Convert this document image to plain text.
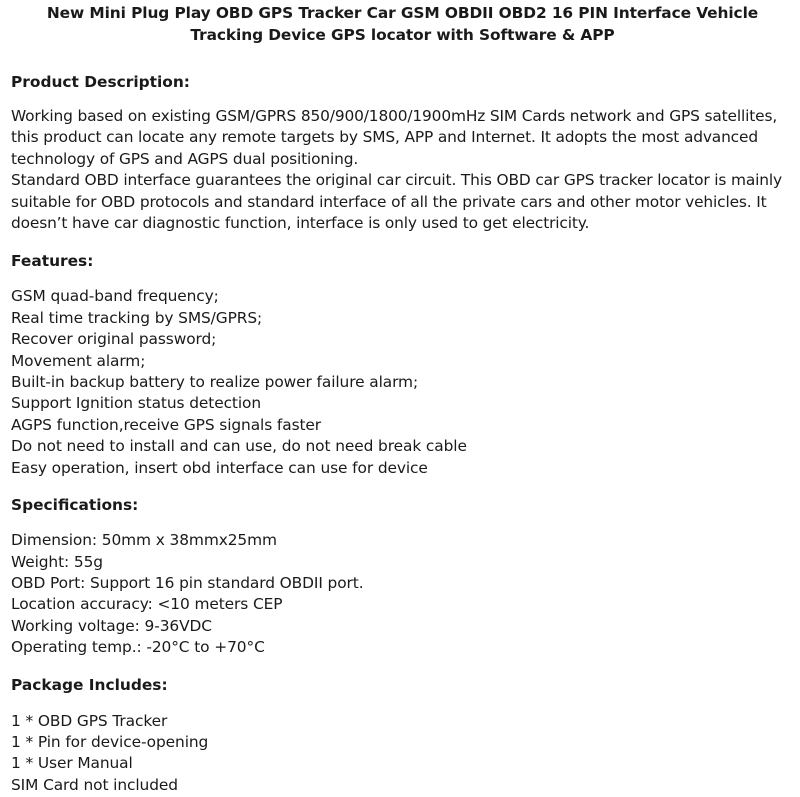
New Mini Plug Play OBD GPS Tracker Car GSM OBDII OBD2 16 PIN Interface Vehicle Tracking Device GPS locator with Software & APP
Product Description:

Working based on existing GSM/GPRS 850/900/1800/1900mHz SIM Cards network and GPS satellites, this product can locate any remote targets by SMS, APP and Internet. It adopts the most advanced technology of GPS and AGPS dual positioning.

Standard OBD interface guarantees the original car circuit. This OBD car GPS tracker locator is mainly suitable for OBD protocols and standard interface of all the private cars and other motor vehicles. It doesn’t have car diagnostic function, interface is only used to get electricity.

Features:
GSM quad-band frequency;
Real time tracking by SMS/GPRS;
Recover original password;
Movement alarm;
Built-in backup battery to realize power failure alarm;
Support Ignition status detection
AGPS function,receive GPS signals faster
Do not need to install and can use, do not need break cable
Easy operation, insert obd interface can use for device
Specifications:
Dimension: 50mm x 38mmx25mm
Weight: 55g
OBD Port: Support 16 pin standard OBDII port.
Location accuracy: <10 meters CEP
Working voltage: 9-36VDC
Operating temp.: -20°C to +70°C
Package Includes:
1 * OBD GPS Tracker
1 * Pin for device-opening
1 * User Manual
SIM Card not included
